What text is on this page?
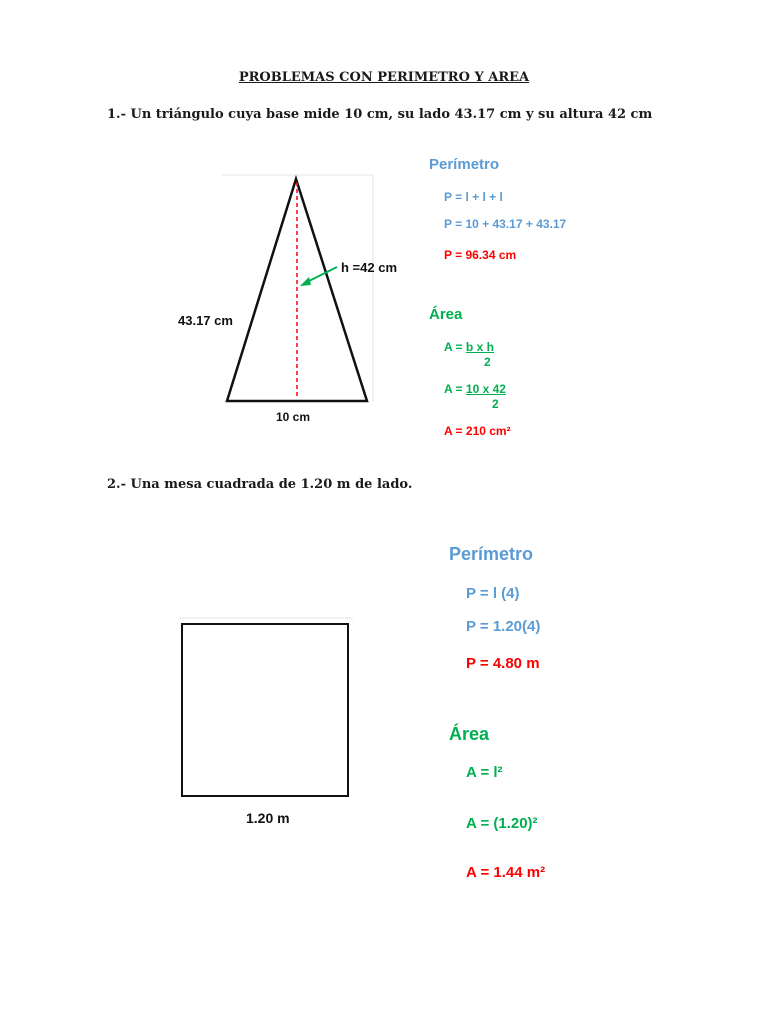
PROBLEMAS CON PERIMETRO Y AREA
1.- Un triángulo cuya base mide 10 cm, su lado 43.17 cm y su altura 42 cm
43.17 cm
h =42 cm
10 cm
Perímetro
P = l + l + l
P = 10 + 43.17 + 43.17
P = 96.34 cm
Área
A = b x h
2
A = 10 x 42
2
A = 210 cm²
2.- Una mesa cuadrada de 1.20 m de lado.
1.20 m
Perímetro
P = l (4)
P = 1.20(4)
P = 4.80 m
Área
A = l²
A = (1.20)²
A = 1.44 m²
